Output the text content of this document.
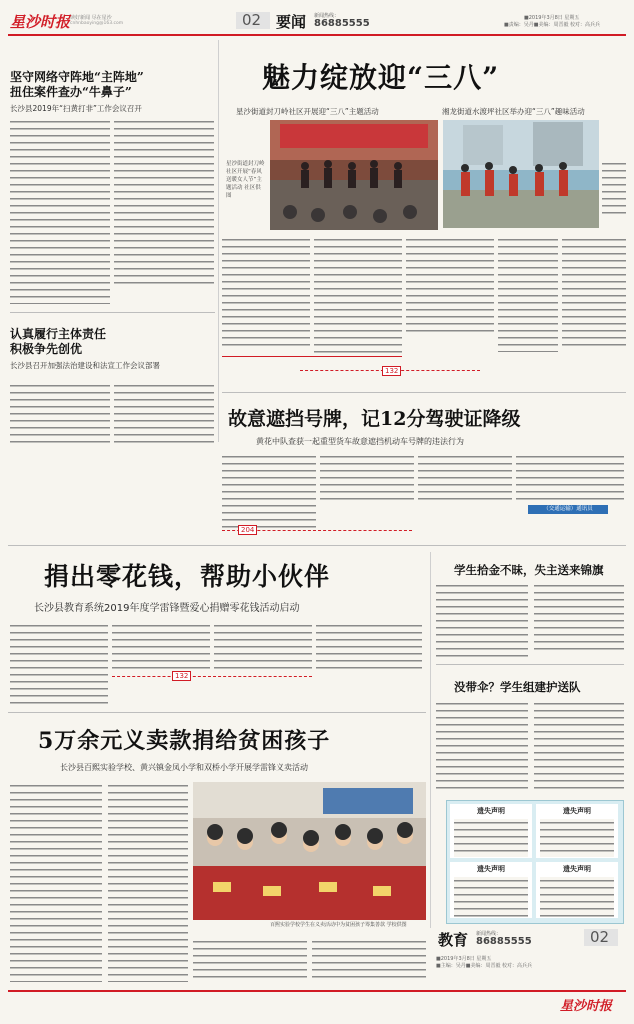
星沙时报 读好新闻 尽在星沙
cnhnbaoying@163.com	02 要闻 新闻热线：
86885555	■2019年3月8日 星期五
■责编：吴丹■美编：周晋毅 校对：高兵兵
坚守网络守阵地“主阵地”
扭住案件查办“牛鼻子”
长沙县2019年“扫黄打非”工作会议召开
认真履行主体责任
积极争先创优
长沙县召开加强法治建设和法宣工作会议部署
魅力绽放迎“三八”
星沙街道封刀岭社区开展迎“三八”主题活动	湘龙街道水渡坪社区举办迎“三八”趣味活动
星沙街道封刀岭社区开展“春风送暖女人节”主题活动 社区供图
132
故意遮挡号牌，记12分驾驶证降级
黄花中队查获一起重型货车故意遮挡机动车号牌的违法行为
（交通运输）通讯员
204
捐出零花钱，帮助小伙伴
长沙县教育系统2019年度学雷锋暨爱心捐赠零花钱活动启动
132
学生拾金不昧，失主送来锦旗
没带伞？学生组建护送队
遗失声明	遗失声明
遗失声明	遗失声明
5万余元义卖款捐给贫困孩子
长沙县百熙实验学校、黄兴镇金凤小学和双桥小学开展学雷锋义卖活动
百熙实验学校学生在义卖活动中为贫困孩子筹集善款 学校供图
教育 新闻热线：
86885555	02
■2019年3月8日 星期五
■主编：吴丹■美编：周晋毅 校对：高兵兵
星沙时报
